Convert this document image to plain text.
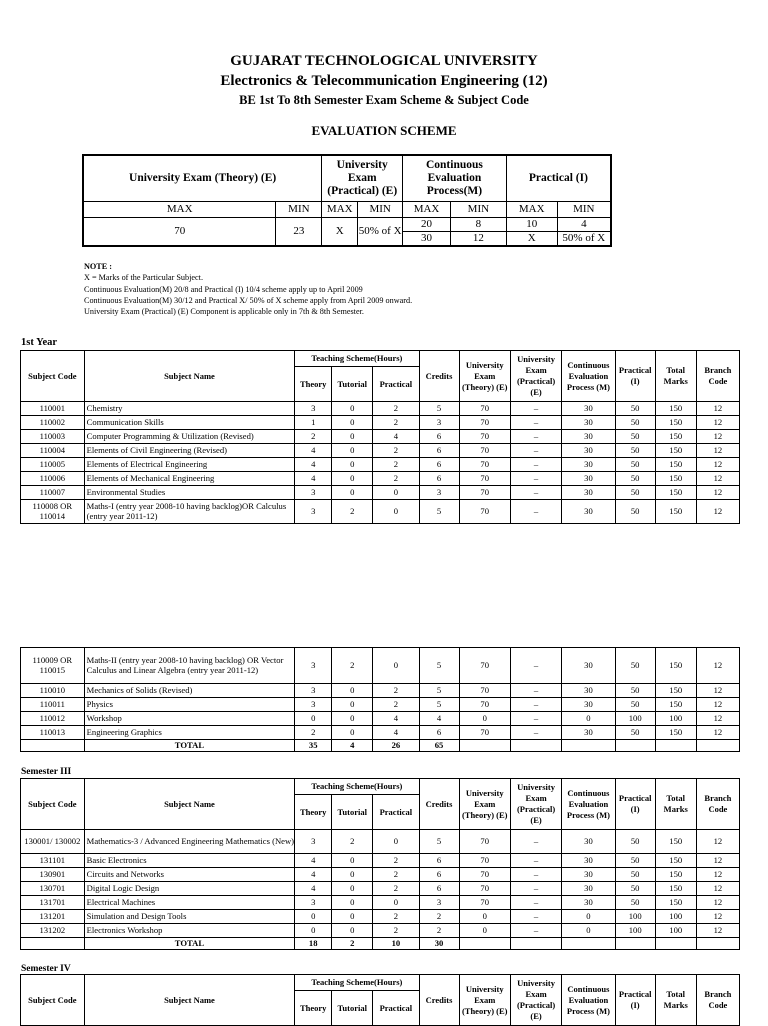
GUJARAT TECHNOLOGICAL UNIVERSITY
Electronics & Telecommunication Engineering (12)
BE 1st To 8th Semester Exam Scheme & Subject Code
EVALUATION SCHEME
University Exam (Theory) (E)		University Exam (Practical) (E)		Continuous Evaluation Process(M)		Practical (I)	
MAX	MIN	MAX	MIN	MAX	MIN	MAX	MIN
70	23	X	50% of X	20	8	10	4
				30	12	X	50% of X
NOTE :
X = Marks of the Particular Subject.
Continuous Evaluation(M) 20/8 and Practical (I) 10/4 scheme apply up to April 2009
Continuous Evaluation(M) 30/12 and Practical X/ 50% of X scheme apply from April 2009 onward.
University Exam (Practical) (E) Component is applicable only in 7th & 8th Semester.
1st Year
Subject Code	Subject Name	Teaching Scheme(Hours)			Credits	University Exam (Theory) (E)	University Exam (Practical) (E)	Continuous Evaluation Process (M)	Practical (I)	Total Marks	Branch Code
		Theory	Tutorial	Practical							
110001	Chemistry	3	0	2	5	70	–	30	50	150	12
110002	Communication Skills	1	0	2	3	70	–	30	50	150	12
110003	Computer Programming & Utilization (Revised)	2	0	4	6	70	–	30	50	150	12
110004	Elements of Civil Engineering (Revised)	4	0	2	6	70	–	30	50	150	12
110005	Elements of Electrical Engineering	4	0	2	6	70	–	30	50	150	12
110006	Elements of Mechanical Engineering	4	0	2	6	70	–	30	50	150	12
110007	Environmental Studies	3	0	0	3	70	–	30	50	150	12
110008 OR 110014	Maths-I (entry year 2008-10 having backlog)OR Calculus (entry year 2011-12)	3	2	0	5	70	–	30	50	150	12
110009 OR 110015	Maths-II (entry year 2008-10 having backlog) OR Vector Calculus and Linear Algebra (entry year 2011-12)	3	2	0	5	70	–	30	50	150	12
110010	Mechanics of Solids (Revised)	3	0	2	5	70	–	30	50	150	12
110011	Physics	3	0	2	5	70	–	30	50	150	12
110012	Workshop	0	0	4	4	0	–	0	100	100	12
110013	Engineering Graphics	2	0	4	6	70	–	30	50	150	12
	TOTAL	35	4	26	65						
Semester III
Subject Code	Subject Name	Teaching Scheme(Hours)			Credits	University Exam (Theory) (E)	University Exam (Practical) (E)	Continuous Evaluation Process (M)	Practical (I)	Total Marks	Branch Code
		Theory	Tutorial	Practical							
130001/ 130002	Mathematics-3 / Advanced Engineering Mathematics (New)	3	2	0	5	70	–	30	50	150	12
131101	Basic Electronics	4	0	2	6	70	–	30	50	150	12
130901	Circuits and Networks	4	0	2	6	70	–	30	50	150	12
130701	Digital Logic Design	4	0	2	6	70	–	30	50	150	12
131701	Electrical Machines	3	0	0	3	70	–	30	50	150	12
131201	Simulation and Design Tools	0	0	2	2	0	–	0	100	100	12
131202	Electronics Workshop	0	0	2	2	0	–	0	100	100	12
	TOTAL	18	2	10	30						
Semester IV
Subject Code	Subject Name	Teaching Scheme(Hours)			Credits	University Exam (Theory) (E)	University Exam (Practical) (E)	Continuous Evaluation Process (M)	Practical (I)	Total Marks	Branch Code
		Theory	Tutorial	Practical							
